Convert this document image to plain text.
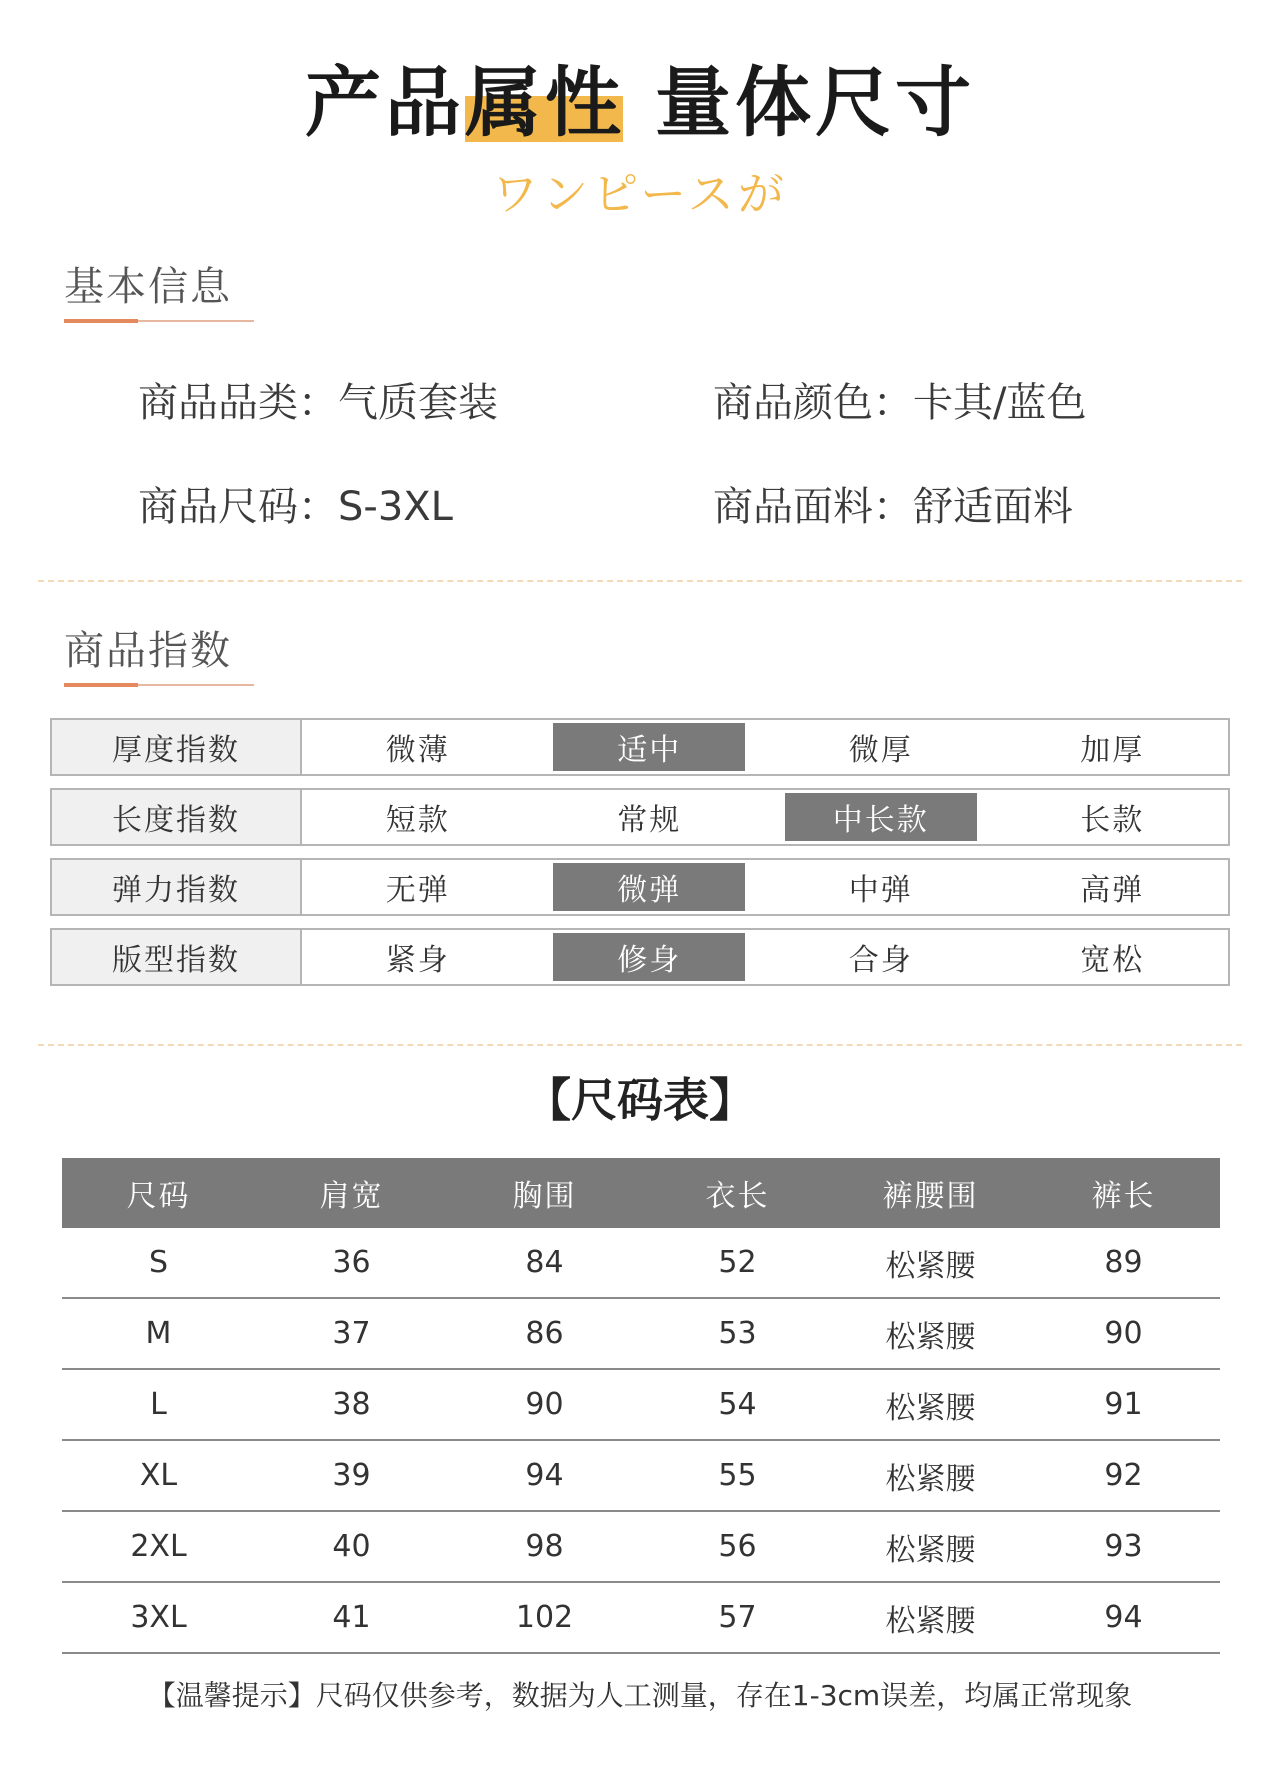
产品属性 量体尺寸
ワンピースが
基本信息
商品品类：气质套装	商品颜色：卡其/蓝色
商品尺码：S-3XL	商品面料：舒适面料
商品指数
厚度指数	微薄	适中	微厚	加厚
长度指数	短款	常规	中长款	长款
弹力指数	无弹	微弹	中弹	高弹
版型指数	紧身	修身	合身	宽松
【尺码表】
尺码	肩宽	胸围	衣长	裤腰围	裤长
S	36	84	52	松紧腰	89
M	37	86	53	松紧腰	90
L	38	90	54	松紧腰	91
XL	39	94	55	松紧腰	92
2XL	40	98	56	松紧腰	93
3XL	41	102	57	松紧腰	94
【温馨提示】尺码仅供参考，数据为人工测量，存在1-3cm误差，均属正常现象
